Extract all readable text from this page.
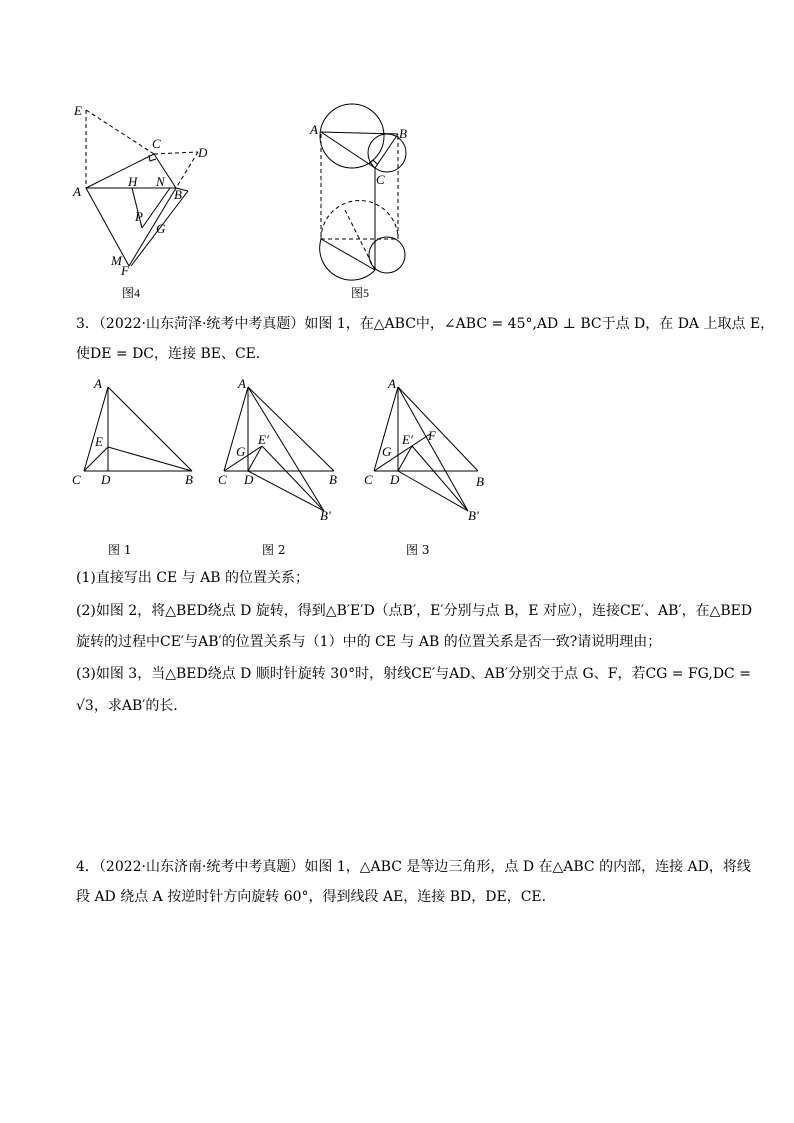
E
C
D
A
H N
B
P
G
M
F
图4
A	B
C
图5
3．（2022·山东菏泽·统考中考真题）如图 1，在△ABC中，∠ABC = 45°,AD ⊥ BC于点 D，在 DA 上取点 E，
使DE = DC，连接 BE、CE．
A
E
C D	B
图 1
A
E′
G
C D	B
B′
图 2
A
E′ F
G
C D	B
B′
图 3
(1)直接写出 CE 与 AB 的位置关系；
(2)如图 2，将△BED绕点 D 旋转，得到△B′E′D（点B′，E′分别与点 B，E 对应），连接CE′、AB′，在△BED
旋转的过程中CE′与AB′的位置关系与（1）中的 CE 与 AB 的位置关系是否一致?请说明理由；
(3)如图 3，当△BED绕点 D 顺时针旋转 30°时，射线CE′与AD、AB′分别交于点 G、F，若CG = FG,DC =
√3，求AB′的长．
4．（2022·山东济南·统考中考真题）如图 1，△ABC 是等边三角形，点 D 在△ABC 的内部，连接 AD，将线
段 AD 绕点 A 按逆时针方向旋转 60°，得到线段 AE，连接 BD，DE，CE．
